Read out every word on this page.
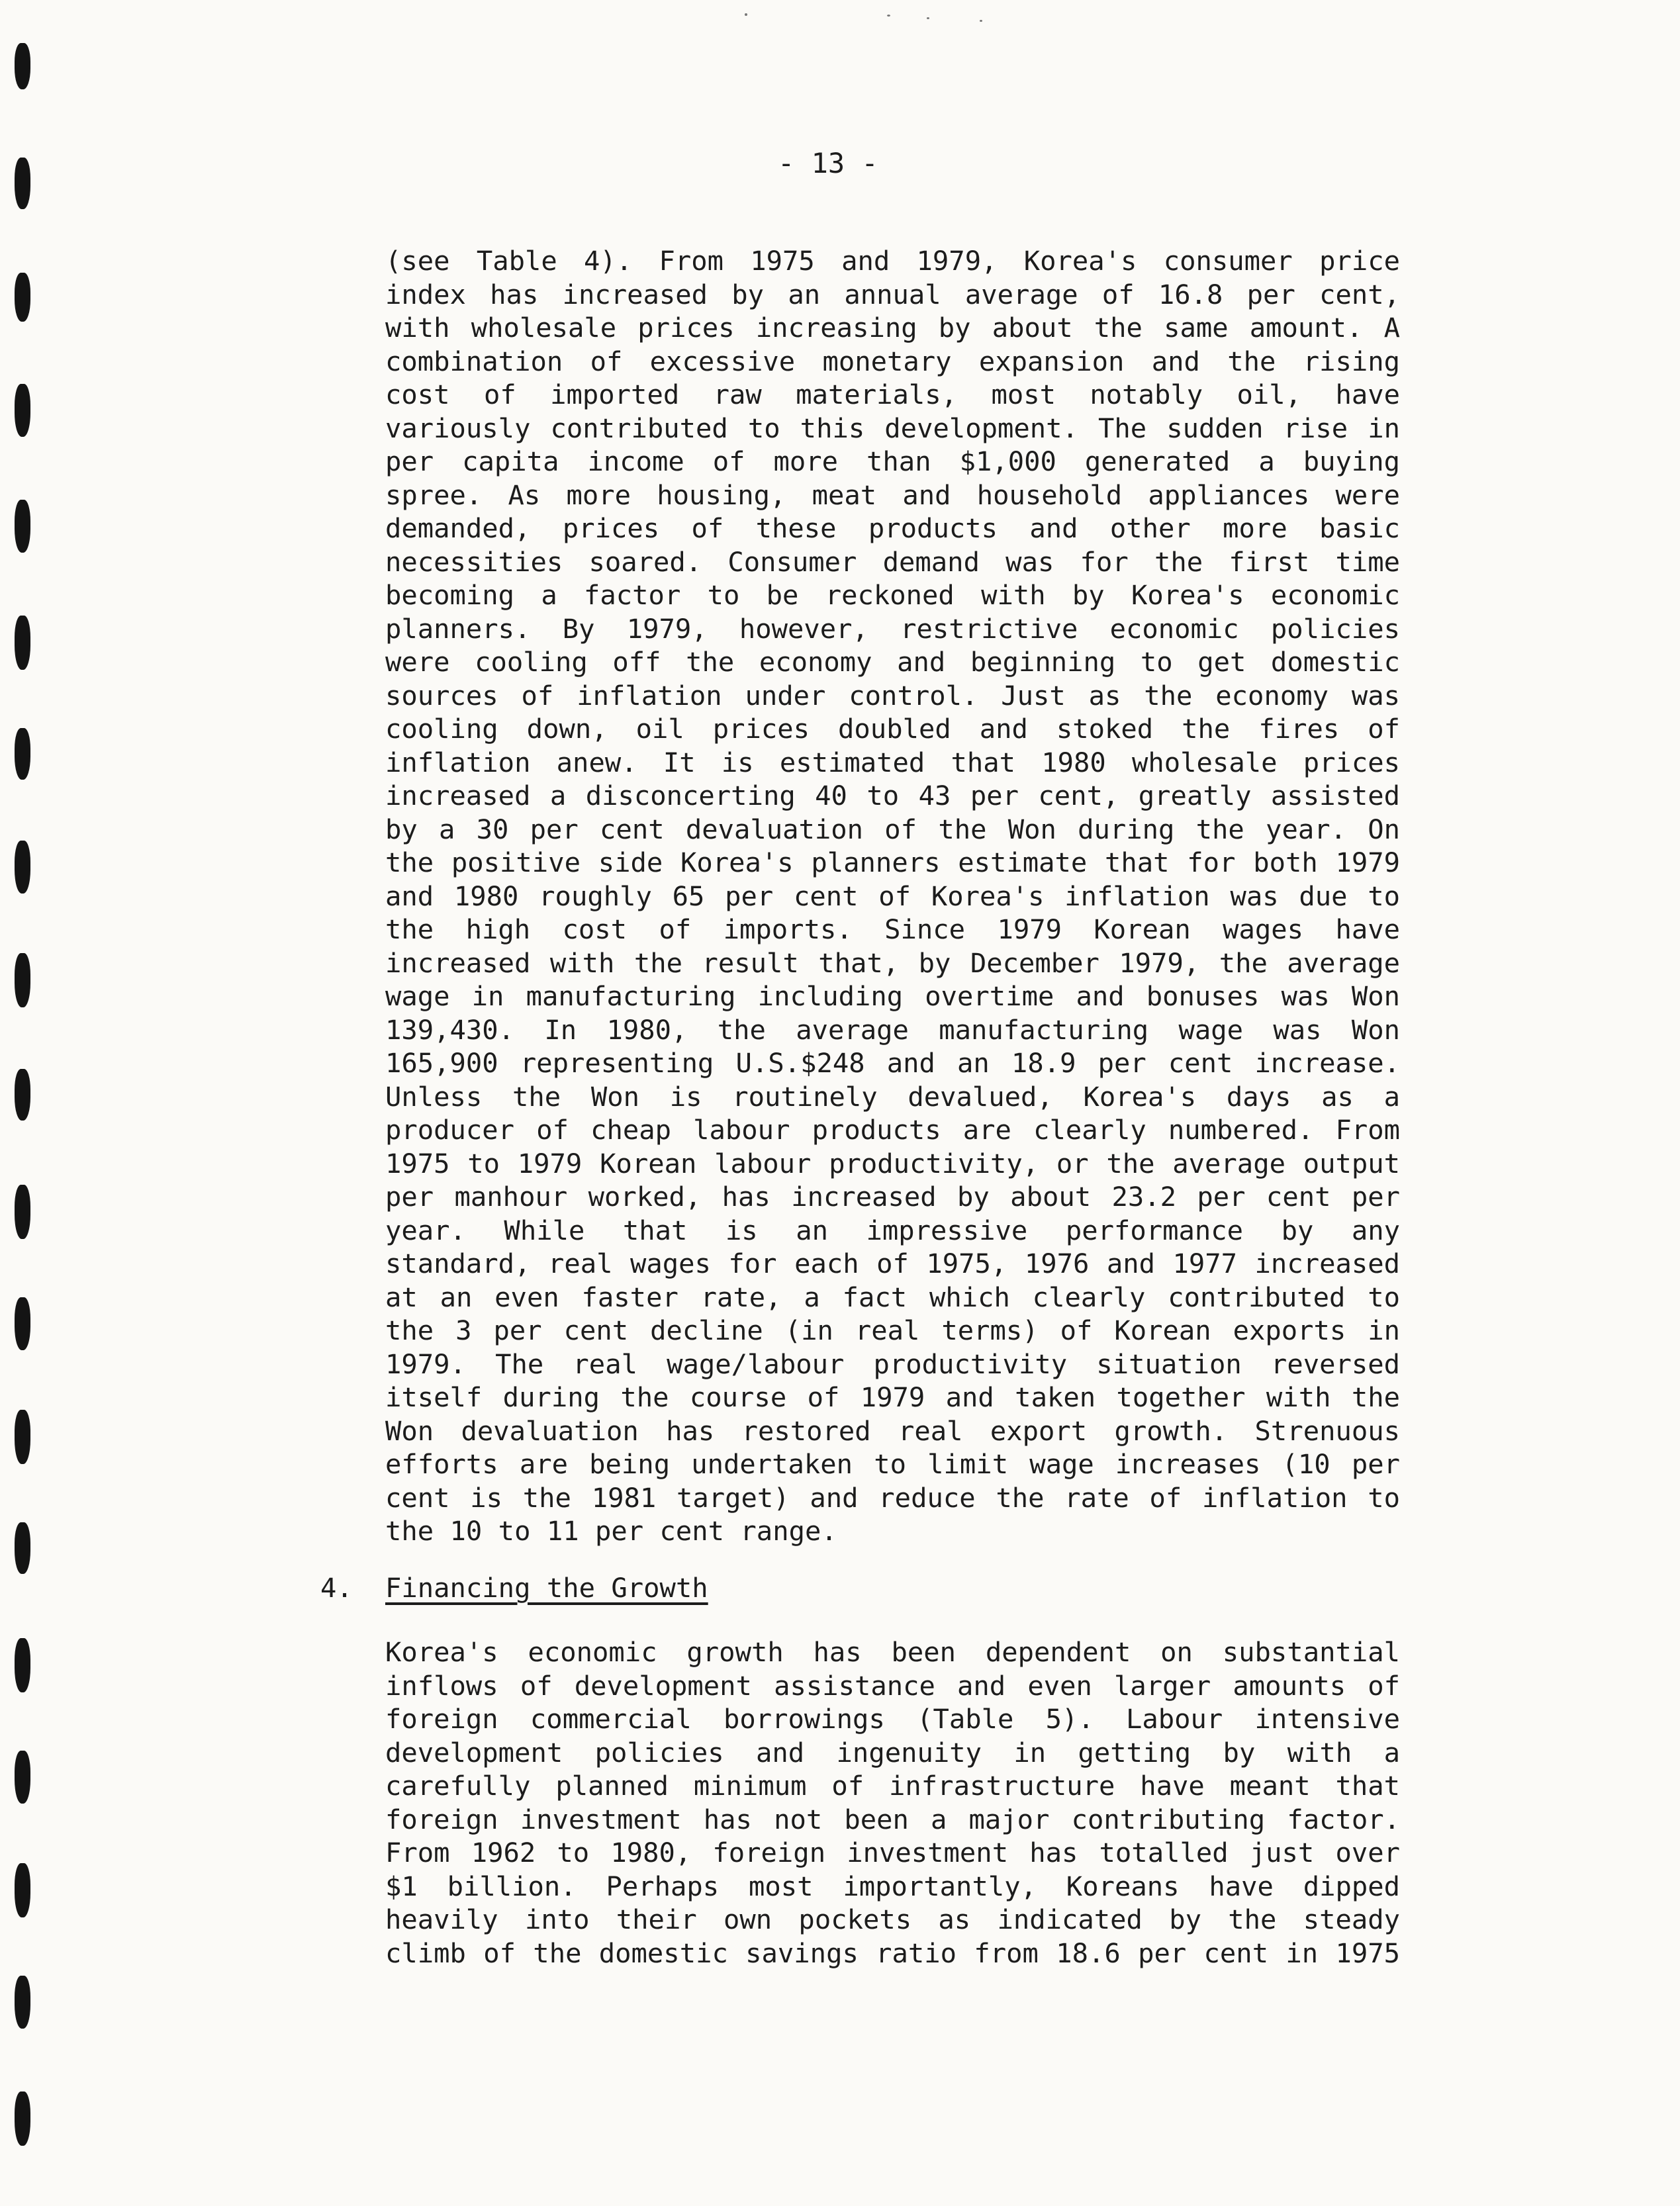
- 13 -
(see Table 4). From 1975 and 1979, Korea's consumer price
index has increased by an annual average of 16.8 per cent,
with wholesale prices increasing by about the same amount. A
combination of excessive monetary expansion and the rising
cost of imported raw materials, most notably oil, have
variously contributed to this development. The sudden rise in
per capita income of more than $1,000 generated a buying
spree. As more housing, meat and household appliances were
demanded, prices of these products and other more basic
necessities soared. Consumer demand was for the first time
becoming a factor to be reckoned with by Korea's economic
planners. By 1979, however, restrictive economic policies
were cooling off the economy and beginning to get domestic
sources of inflation under control. Just as the economy was
cooling down, oil prices doubled and stoked the fires of
inflation anew. It is estimated that 1980 wholesale prices
increased a disconcerting 40 to 43 per cent, greatly assisted
by a 30 per cent devaluation of the Won during the year. On
the positive side Korea's planners estimate that for both 1979
and 1980 roughly 65 per cent of Korea's inflation was due to
the high cost of imports. Since 1979 Korean wages have
increased with the result that, by December 1979, the average
wage in manufacturing including overtime and bonuses was Won
139,430. In 1980, the average manufacturing wage was Won
165,900 representing U.S.$248 and an 18.9 per cent increase.
Unless the Won is routinely devalued, Korea's days as a
producer of cheap labour products are clearly numbered. From
1975 to 1979 Korean labour productivity, or the average output
per manhour worked, has increased by about 23.2 per cent per
year. While that is an impressive performance by any
standard, real wages for each of 1975, 1976 and 1977 increased
at an even faster rate, a fact which clearly contributed to
the 3 per cent decline (in real terms) of Korean exports in
1979. The real wage/labour productivity situation reversed
itself during the course of 1979 and taken together with the
Won devaluation has restored real export growth. Strenuous
efforts are being undertaken to limit wage increases (10 per
cent is the 1981 target) and reduce the rate of inflation to
the 10 to 11 per cent range.
4. Financing the Growth
Korea's economic growth has been dependent on substantial
inflows of development assistance and even larger amounts of
foreign commercial borrowings (Table 5). Labour intensive
development policies and ingenuity in getting by with a
carefully planned minimum of infrastructure have meant that
foreign investment has not been a major contributing factor.
From 1962 to 1980, foreign investment has totalled just over
$1 billion. Perhaps most importantly, Koreans have dipped
heavily into their own pockets as indicated by the steady
climb of the domestic savings ratio from 18.6 per cent in 1975
